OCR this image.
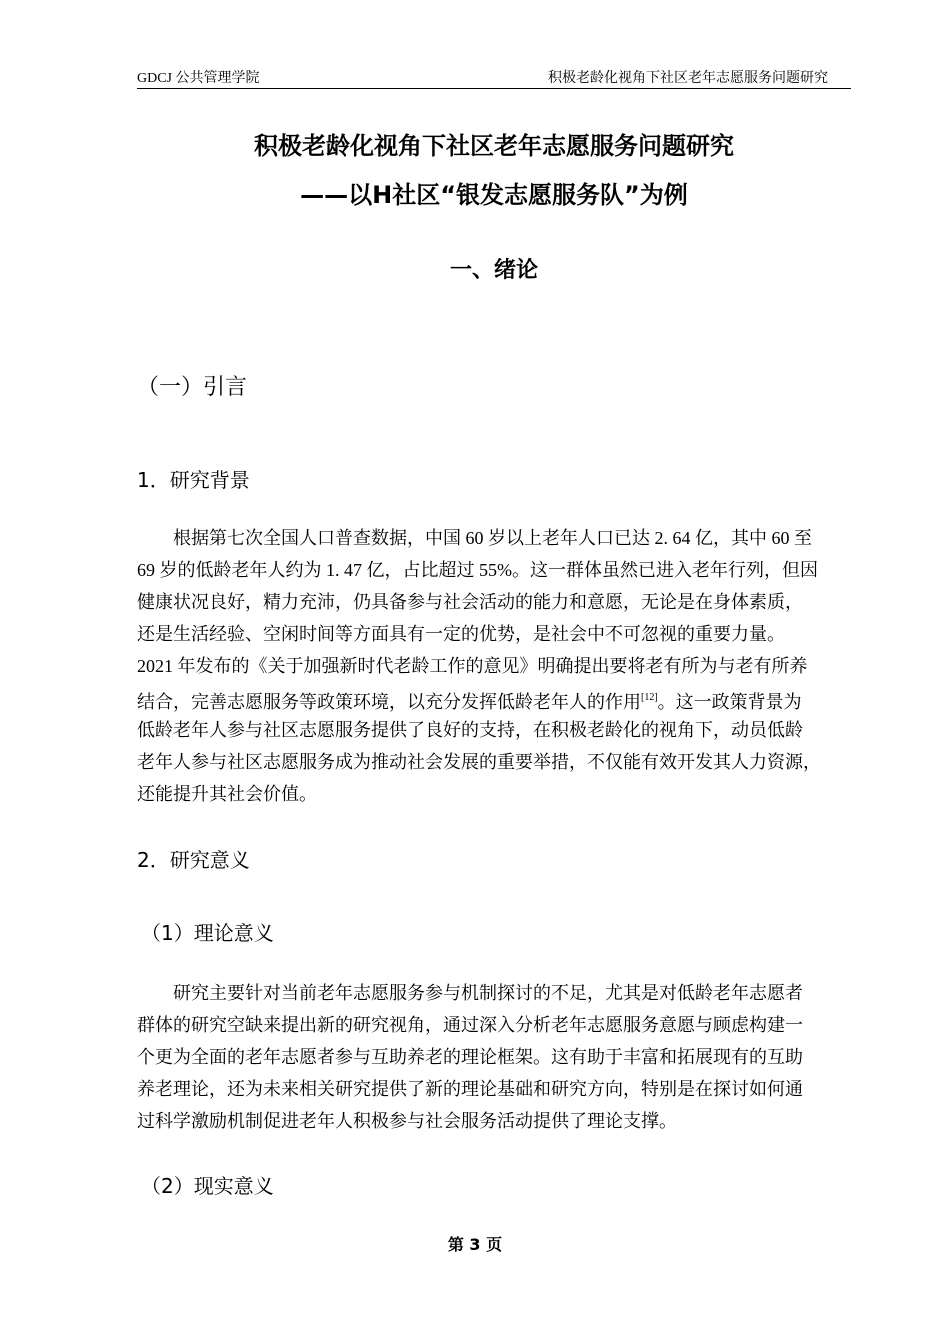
GDCJ 公共管理学院	积极老龄化视角下社区老年志愿服务问题研究
积极老龄化视角下社区老年志愿服务问题研究
——以H社区“银发志愿服务队”为例
一、绪论
（一）引言
1．研究背景
根据第七次全国人口普查数据，中国 60 岁以上老年人口已达 2. 64 亿，其中 60 至
69 岁的低龄老年人约为 1. 47 亿，占比超过 55%。这一群体虽然已进入老年行列，但因
健康状况良好，精力充沛，仍具备参与社会活动的能力和意愿，无论是在身体素质，
还是生活经验、空闲时间等方面具有一定的优势，是社会中不可忽视的重要力量。
2021 年发布的《关于加强新时代老龄工作的意见》明确提出要将老有所为与老有所养
结合，完善志愿服务等政策环境，以充分发挥低龄老年人的作用[12]。这一政策背景为
低龄老年人参与社区志愿服务提供了良好的支持，在积极老龄化的视角下，动员低龄
老年人参与社区志愿服务成为推动社会发展的重要举措，不仅能有效开发其人力资源，
还能提升其社会价值。
2．研究意义
（1）理论意义
研究主要针对当前老年志愿服务参与机制探讨的不足，尤其是对低龄老年志愿者
群体的研究空缺来提出新的研究视角，通过深入分析老年志愿服务意愿与顾虑构建一
个更为全面的老年志愿者参与互助养老的理论框架。这有助于丰富和拓展现有的互助
养老理论，还为未来相关研究提供了新的理论基础和研究方向，特别是在探讨如何通
过科学激励机制促进老年人积极参与社会服务活动提供了理论支撑。
（2）现实意义
第 3 页
